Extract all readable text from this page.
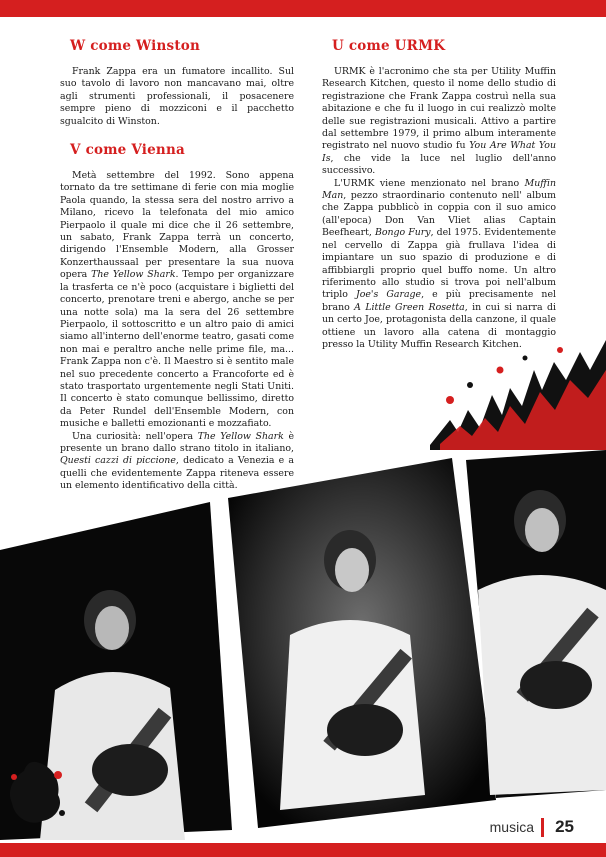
W come Winston

Frank Zappa era un fumatore incallito. Sul suo tavolo di lavoro non mancavano mai, oltre agli strumenti professionali, il posacenere sempre pieno di mozziconi e il pacchetto sgualcito di Winston.

V come Vienna

Metà settembre del 1992. Sono appena tornato da tre settimane di ferie con mia moglie Paola quando, la stessa sera del nostro arrivo a Milano, ricevo la telefonata del mio amico Pierpaolo il quale mi dice che il 26 settembre, un sabato, Frank Zappa terrà un concerto, dirigendo l'Ensemble Modern, alla Grosser Konzerthaussaal per presentare la sua nuova opera The Yellow Shark. Tempo per organizzare la trasferta ce n'è poco (acquistare i biglietti del concerto, prenotare treni e abergo, anche se per una notte sola) ma la sera del 26 settembre Pierpaolo, il sottoscritto e un altro paio di amici siamo all'interno dell'enorme teatro, gasati come non mai e peraltro anche nelle prime file, ma... Frank Zappa non c'è. Il Maestro si è sentito male nel suo precedente concerto a Francoforte ed è stato trasportato urgentemente negli Stati Uniti. Il concerto è stato comunque bellissimo, diretto da Peter Rundel dell'Ensemble Modern, con musiche e balletti emozionanti e mozzafiato.

Una curiosità: nell'opera The Yellow Shark è presente un brano dallo strano titolo in italiano, Questi cazzi di piccione, dedicato a Venezia e a quelli che evidentemente Zappa riteneva essere un elemento identificativo della città.

U come URMK

URMK è l'acronimo che sta per Utility Muffin Research Kitchen, questo il nome dello studio di registrazione che Frank Zappa costruì nella sua abitazione e che fu il luogo in cui realizzò molte delle sue registrazioni musicali. Attivo a partire dal settembre 1979, il primo album interamente registrato nel nuovo studio fu You Are What You Is, che vide la luce nel luglio dell'anno successivo.

L'URMK viene menzionato nel brano Muffin Man, pezzo straordinario contenuto nell' album che Zappa pubblicò in coppia con il suo amico (all'epoca) Don Van Vliet alias Captain Beefheart, Bongo Fury, del 1975. Evidentemente nel cervello di Zappa già frullava l'idea di impiantare un suo spazio di produzione e di affibbiargli proprio quel buffo nome. Un altro riferimento allo studio si trova poi nell'album triplo Joe's Garage, e più precisamente nel brano A Little Green Rosetta, in cui si narra di un certo Joe, protagonista della canzone, il quale ottiene un lavoro alla catena di montaggio presso la Utility Muffin Research Kitchen.

musica 25
